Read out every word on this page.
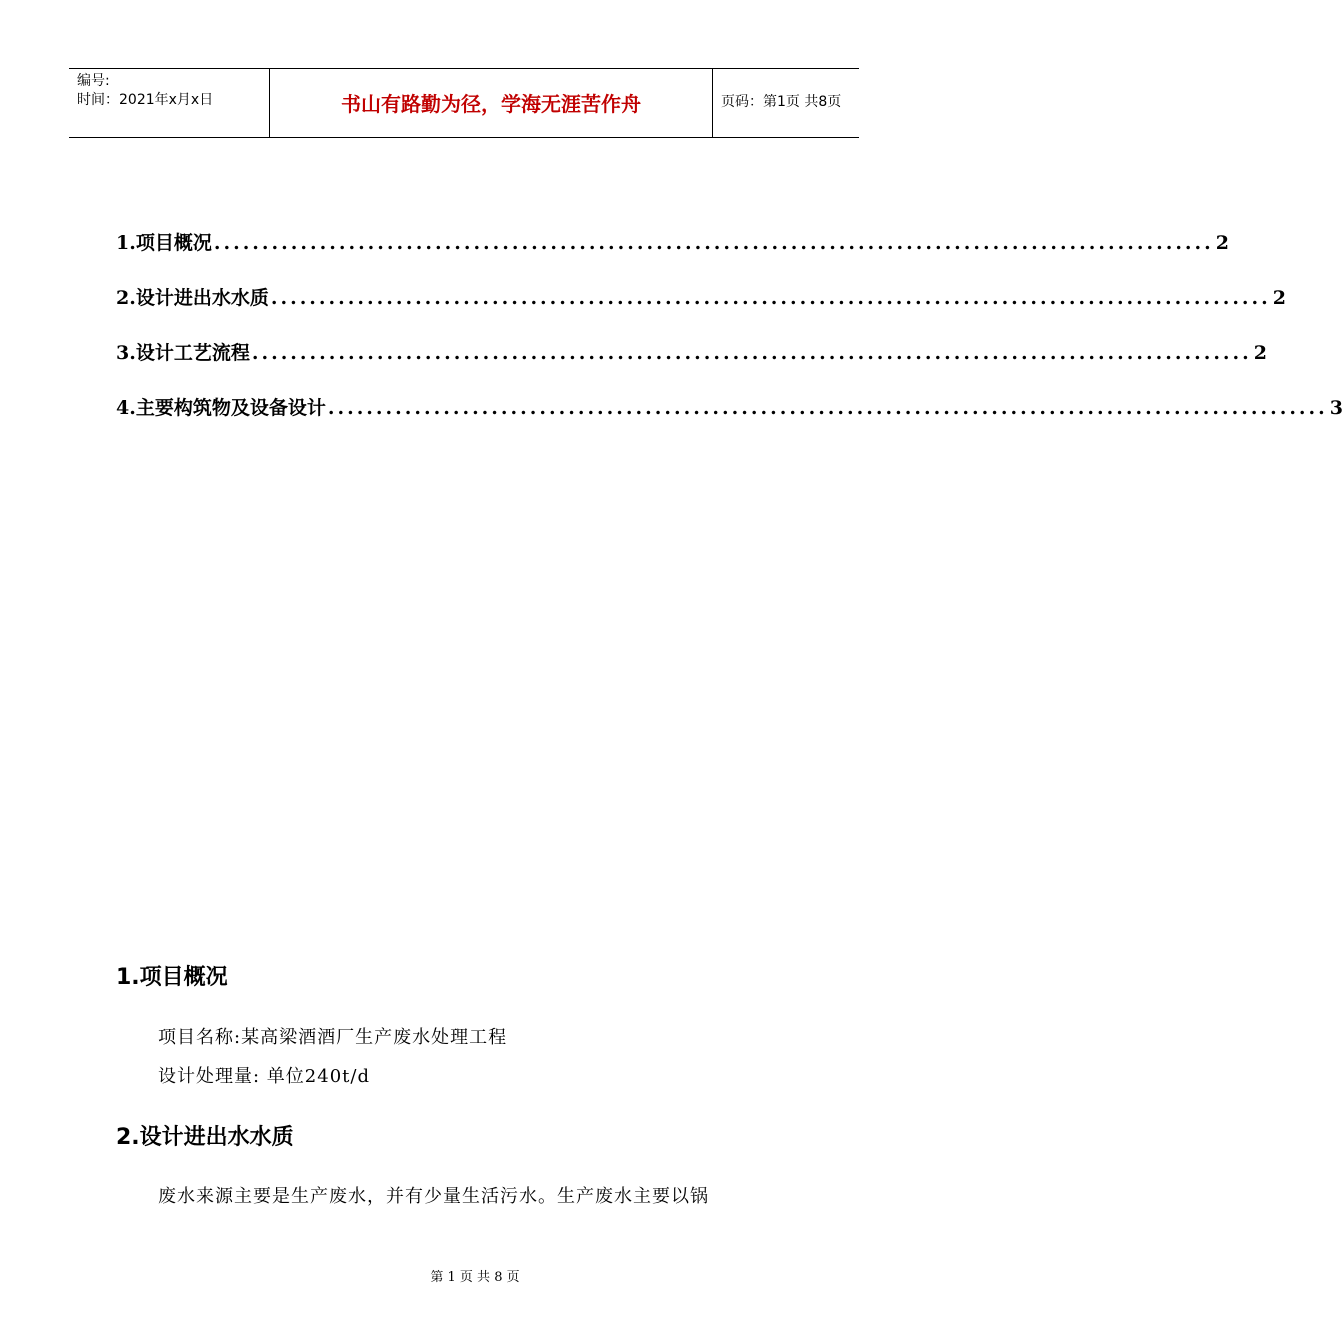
编号:
时间：2021年x月x日	书山有路勤为径，学海无涯苦作舟	页码：第1页 共8页
1.项目概况 ........................................................................................................ 2
2.设计进出水水质 ........................................................................................................ 2
3.设计工艺流程 ........................................................................................................ 2
4.主要构筑物及设备设计 ........................................................................................................ 3
1.项目概况
项目名称:某高梁酒酒厂生产废水处理工程
设计处理量: 单位240t/d
2.设计进出水水质
废水来源主要是生产废水，并有少量生活污水。生产废水主要以锅
第 1 页 共 8 页
